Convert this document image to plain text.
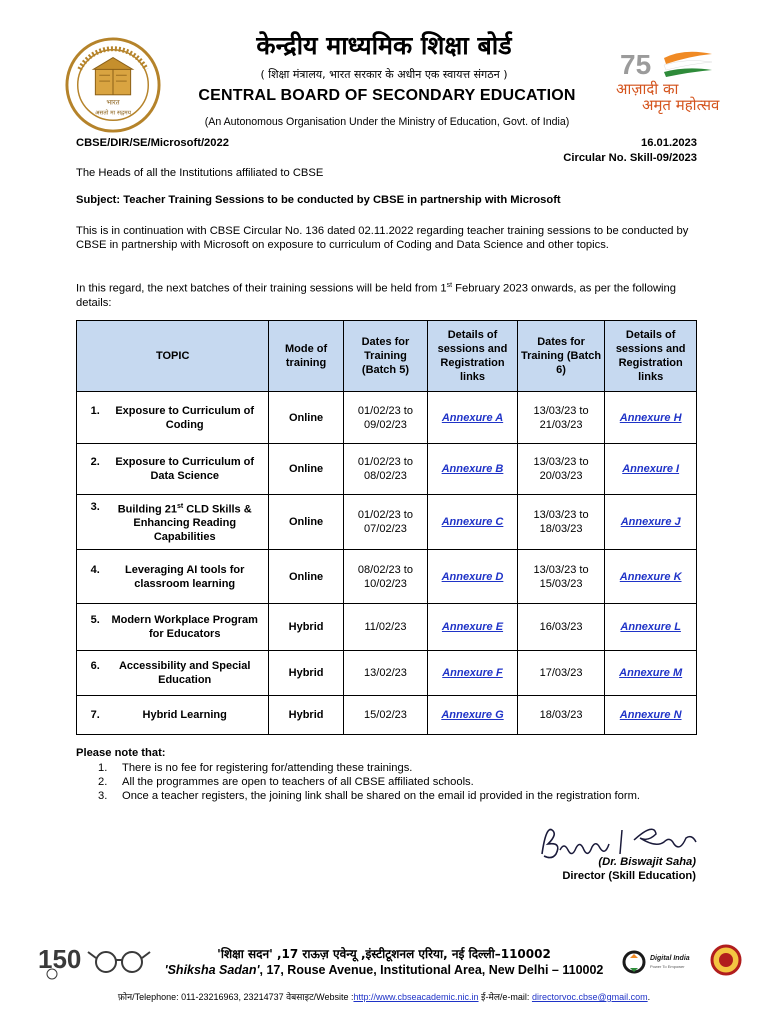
भारत
असतो मा सद्गमय
केन्द्रीय माध्यमिक शिक्षा बोर्ड
( शिक्षा मंत्रालय, भारत सरकार के अधीन एक स्वायत्त संगठन )
CENTRAL BOARD OF SECONDARY EDUCATION
(An Autonomous Organisation Under the Ministry of Education, Govt. of India)
75
आज़ादी का
अमृत महोत्सव
CBSE/DIR/SE/Microsoft/2022	16.01.2023
Circular No. Skill-09/2023
The Heads of all the Institutions affiliated to CBSE
Subject: Teacher Training Sessions to be conducted by CBSE in partnership with Microsoft
This is in continuation with CBSE Circular No. 136 dated 02.11.2022 regarding teacher training sessions to be conducted by CBSE in partnership with Microsoft on exposure to curriculum of Coding and Data Science and other topics.
In this regard, the next batches of their training sessions will be held from 1st February 2023 onwards, as per the following details:
TOPIC	Mode of training	Dates for Training (Batch 5)	Details of sessions and Registration links	Dates for Training (Batch 6)	Details of sessions and Registration links
1. Exposure to Curriculum of Coding	Online	01/02/23 to 09/02/23	Annexure A	13/03/23 to 21/03/23	Annexure H
2. Exposure to Curriculum of Data Science	Online	01/02/23 to 08/02/23	Annexure B	13/03/23 to 20/03/23	Annexure I
3. Building 21st CLD Skills & Enhancing Reading Capabilities	Online	01/02/23 to 07/02/23	Annexure C	13/03/23 to 18/03/23	Annexure J
4. Leveraging AI tools for classroom learning	Online	08/02/23 to 10/02/23	Annexure D	13/03/23 to 15/03/23	Annexure K
5. Modern Workplace Program for Educators	Hybrid	11/02/23	Annexure E	16/03/23	Annexure L
6. Accessibility and Special Education	Hybrid	13/02/23	Annexure F	17/03/23	Annexure M
7. Hybrid Learning	Hybrid	15/02/23	Annexure G	18/03/23	Annexure N
Please note that:
1. There is no fee for registering for/attending these trainings.
2. All the programmes are open to teachers of all CBSE affiliated schools.
3. Once a teacher registers, the joining link shall be shared on the email id provided in the registration form.
Biswajit Saha
(Dr. Biswajit Saha)
Director (Skill Education)
150	Digital India
Power To Empower
'शिक्षा सदन' ,17 राऊज़ एवेन्यू ,इंस्टीटूशनल एरिया, नई दिल्ली–110002
'Shiksha Sadan', 17, Rouse Avenue, Institutional Area, New Delhi – 110002
फ़ोन/Telephone: 011-23216963, 23214737 वेबसाइट/Website :http://www.cbseacademic.nic.in ई-मेल/e-mail: directorvoc.cbse@gmail.com.
